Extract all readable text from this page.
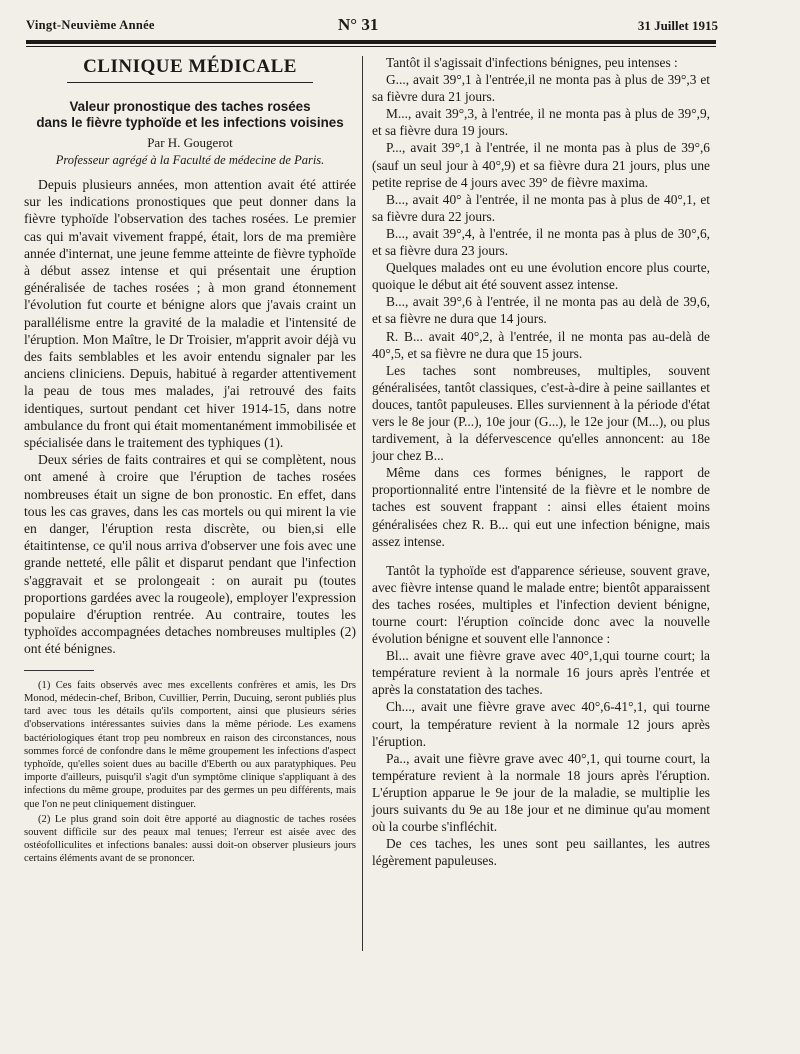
Vingt-Neuvième Année	N° 31	31 Juillet 1915
CLINIQUE MÉDICALE
Valeur pronostique des taches rosées
dans le fièvre typhoïde et les infections voisines
Par H. Gougerot
Professeur agrégé à la Faculté de médecine de Paris.

Depuis plusieurs années, mon attention avait été attirée sur les indications pronostiques que peut donner dans la fièvre typhoïde l'observation des taches rosées. Le premier cas qui m'avait vivement frappé, était, lors de ma première année d'internat, une jeune femme atteinte de fièvre typhoïde à début assez intense et qui présentait une éruption généralisée de taches rosées ; à mon grand étonnement l'évolution fut courte et bénigne alors que j'avais craint un parallélisme entre la gravité de la maladie et l'intensité de l'éruption. Mon Maître, le Dr Troisier, m'apprit avoir déjà vu des faits semblables et les avoir entendu signaler par les anciens cliniciens. Depuis, habitué à regarder attentivement la peau de tous mes malades, j'ai retrouvé des faits identiques, surtout pendant cet hiver 1914-15, dans notre ambulance du front qui était momentanément immobilisée et spécialisée dans le traitement des typhiques (1).

Deux séries de faits contraires et qui se complètent, nous ont amené à croire que l'éruption de taches rosées nombreuses était un signe de bon pronostic. En effet, dans tous les cas graves, dans les cas mortels ou qui mirent la vie en danger, l'éruption resta discrète, ou bien,si elle étaitintense, ce qu'il nous arriva d'observer une fois avec une grande netteté, elle pâlit et disparut pendant que l'infection s'aggravait et se prolongeait : on aurait pu (toutes proportions gardées avec la rougeole), employer l'expression populaire d'éruption rentrée. Au contraire, toutes les typhoïdes accompagnées detaches nombreuses multiples (2) ont été bénignes.

(1) Ces faits observés avec mes excellents confrères et amis, les Drs Monod, médecin-chef, Bribon, Cuvillier, Perrin, Ducuing, seront publiés plus tard avec tous les détails qu'ils comportent, ainsi que plusieurs séries d'observations intéressantes suivies dans la même période. Les examens bactériologiques étant trop peu nombreux en raison des circonstances, nous sommes forcé de confondre dans le même groupement les infections d'aspect typhoïde, qu'elles soient dues au bacille d'Eberth ou aux paratyphiques. Peu importe d'ailleurs, puisqu'il s'agit d'un symptôme clinique s'appliquant à des infections du même groupe, produites par des germes un peu différents, mais que l'on ne peut cliniquement distinguer.

(2) Le plus grand soin doit être apporté au diagnostic de taches rosées souvent difficile sur des peaux mal tenues; l'erreur est aisée avec des ostéofolliculites et infections banales: aussi doit-on observer plusieurs jours certains éléments avant de se prononcer.

Tantôt il s'agissait d'infections bénignes, peu intenses :

G..., avait 39°,1 à l'entrée,il ne monta pas à plus de 39°,3 et sa fièvre dura 21 jours.

M..., avait 39°,3, à l'entrée, il ne monta pas à plus de 39°,9, et sa fièvre dura 19 jours.

P..., avait 39°,1 à l'entrée, il ne monta pas à plus de 39°,6 (sauf un seul jour à 40°,9) et sa fièvre dura 21 jours, plus une petite reprise de 4 jours avec 39° de fièvre maxima.

B..., avait 40° à l'entrée, il ne monta pas à plus de 40°,1, et sa fièvre dura 22 jours.

B..., avait 39°,4, à l'entrée, il ne monta pas à plus de 30°,6, et sa fièvre dura 23 jours.

Quelques malades ont eu une évolution encore plus courte, quoique le début ait été souvent assez intense.

B..., avait 39°,6 à l'entrée, il ne monta pas au delà de 39,6, et sa fièvre ne dura que 14 jours.

R. B... avait 40°,2, à l'entrée, il ne monta pas au-delà de 40°,5, et sa fièvre ne dura que 15 jours.

Les taches sont nombreuses, multiples, souvent généralisées, tantôt classiques, c'est-à-dire à peine saillantes et douces, tantôt papuleuses. Elles surviennent à la période d'état vers le 8e jour (P...), 10e jour (G...), le 12e jour (M...), ou plus tardivement, à la défervescence qu'elles annoncent: au 18e jour chez B...

Même dans ces formes bénignes, le rapport de proportionnalité entre l'intensité de la fièvre et le nombre de taches est souvent frappant : ainsi elles étaient moins généralisées chez R. B... qui eut une infection bénigne, mais assez intense.

Tantôt la typhoïde est d'apparence sérieuse, souvent grave, avec fièvre intense quand le malade entre; bientôt apparaissent des taches rosées, multiples et l'infection devient bénigne, tourne court: l'éruption coïncide donc avec la nouvelle évolution bénigne et souvent elle l'annonce :

Bl... avait une fièvre grave avec 40°,1,qui tourne court; la température revient à la normale 16 jours après l'entrée et après la constatation des taches.

Ch..., avait une fièvre grave avec 40°,6-41°,1, qui tourne court, la température revient à la normale 12 jours après l'éruption.

Pa.., avait une fièvre grave avec 40°,1, qui tourne court, la température revient à la normale 18 jours après l'éruption. L'éruption apparue le 9e jour de la maladie, se multiplie les jours suivants du 9e au 18e jour et ne diminue qu'au moment où la courbe s'infléchit.

De ces taches, les unes sont peu saillantes, les autres légèrement papuleuses.
